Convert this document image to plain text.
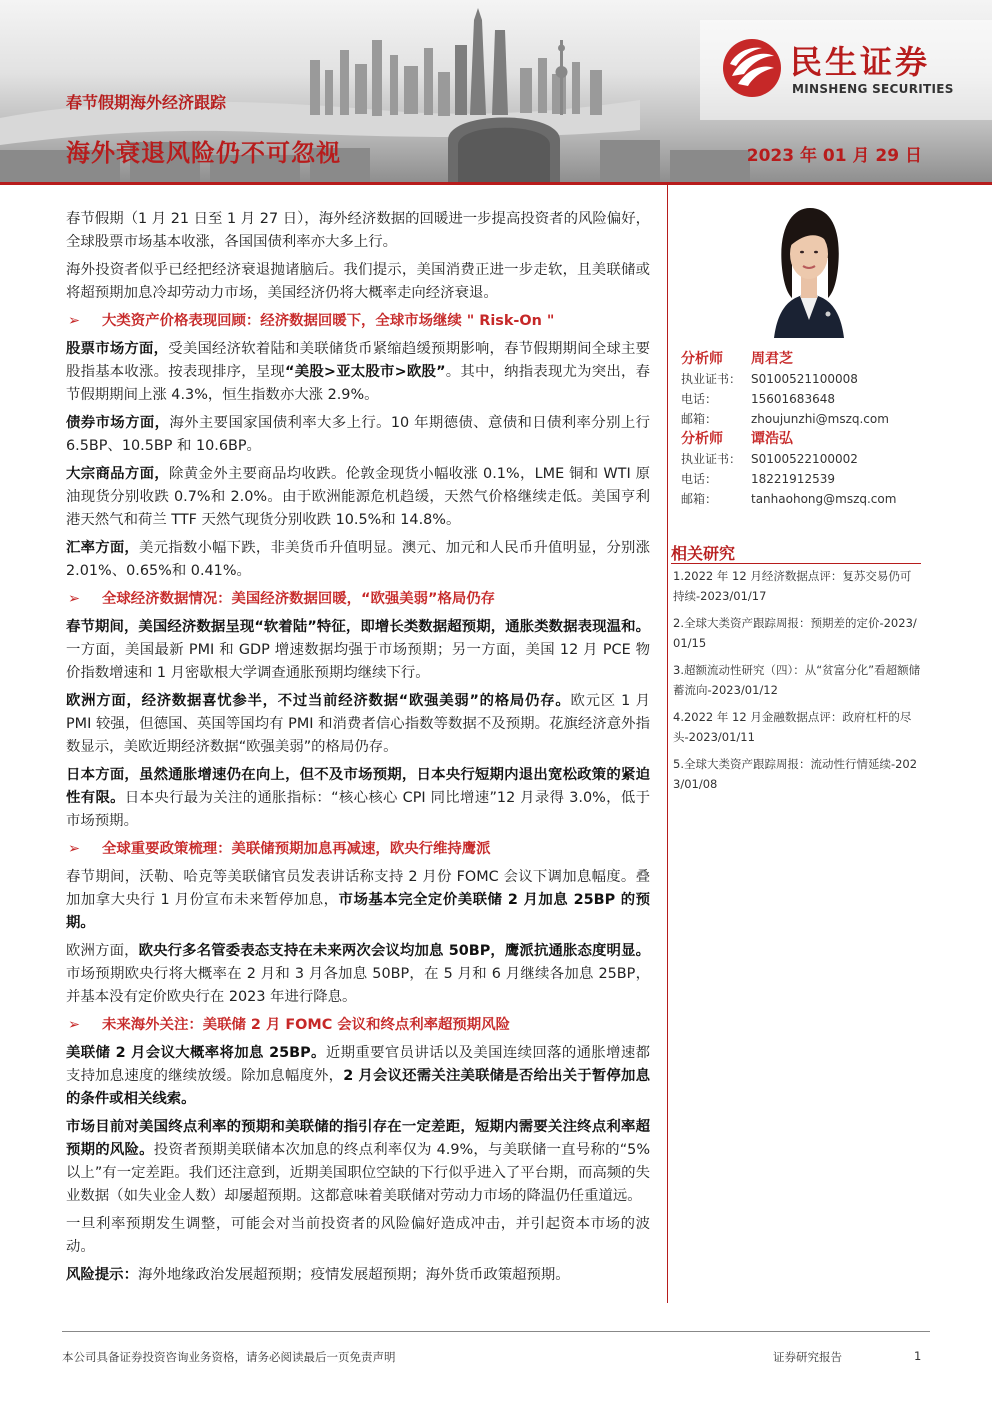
春节假期海外经济跟踪
海外衰退风险仍不可忽视	2023 年 01 月 29 日
民生证券
MINSHENG SECURITIES

春节假期（1 月 21 日至 1 月 27 日），海外经济数据的回暖进一步提高投资者的风险偏好，全球股票市场基本收涨，各国国债利率亦大多上行。

海外投资者似乎已经把经济衰退抛诸脑后。我们提示，美国消费正进一步走软，且美联储或将超预期加息冷却劳动力市场，美国经济仍将大概率走向经济衰退。

➢ 大类资产价格表现回顾：经济数据回暖下，全球市场继续 " Risk-On "

股票市场方面，受美国经济软着陆和美联储货币紧缩趋缓预期影响，春节假期期间全球主要股指基本收涨。按表现排序，呈现“美股>亚太股市>欧股”。其中，纳指表现尤为突出，春节假期期间上涨 4.3%，恒生指数亦大涨 2.9%。

债券市场方面，海外主要国家国债利率大多上行。10 年期德债、意债和日债利率分别上行 6.5BP、10.5BP 和 10.6BP。

大宗商品方面，除黄金外主要商品均收跌。伦敦金现货小幅收涨 0.1%，LME 铜和 WTI 原油现货分别收跌 0.7%和 2.0%。由于欧洲能源危机趋缓，天然气价格继续走低。美国亨利港天然气和荷兰 TTF 天然气现货分别收跌 10.5%和 14.8%。

汇率方面，美元指数小幅下跌，非美货币升值明显。澳元、加元和人民币升值明显，分别涨 2.01%、0.65%和 0.41%。

➢ 全球经济数据情况：美国经济数据回暖，“欧强美弱”格局仍存

春节期间，美国经济数据呈现“软着陆”特征，即增长类数据超预期，通胀类数据表现温和。一方面，美国最新 PMI 和 GDP 增速数据均强于市场预期；另一方面，美国 12 月 PCE 物价指数增速和 1 月密歇根大学调查通胀预期均继续下行。

欧洲方面，经济数据喜忧参半，不过当前经济数据“欧强美弱”的格局仍存。欧元区 1 月 PMI 较强，但德国、英国等国均有 PMI 和消费者信心指数等数据不及预期。花旗经济意外指数显示，美欧近期经济数据“欧强美弱”的格局仍存。

日本方面，虽然通胀增速仍在向上，但不及市场预期，日本央行短期内退出宽松政策的紧迫性有限。日本央行最为关注的通胀指标：“核心核心 CPI 同比增速”12 月录得 3.0%，低于市场预期。

➢ 全球重要政策梳理：美联储预期加息再减速，欧央行维持鹰派

春节期间，沃勒、哈克等美联储官员发表讲话称支持 2 月份 FOMC 会议下调加息幅度。叠加加拿大央行 1 月份宣布未来暂停加息，市场基本完全定价美联储 2 月加息 25BP 的预期。

欧洲方面，欧央行多名管委表态支持在未来两次会议均加息 50BP，鹰派抗通胀态度明显。市场预期欧央行将大概率在 2 月和 3 月各加息 50BP，在 5 月和 6 月继续各加息 25BP，并基本没有定价欧央行在 2023 年进行降息。

➢ 未来海外关注：美联储 2 月 FOMC 会议和终点利率超预期风险

美联储 2 月会议大概率将加息 25BP。近期重要官员讲话以及美国连续回落的通胀增速都支持加息速度的继续放缓。除加息幅度外，2 月会议还需关注美联储是否给出关于暂停加息的条件或相关线索。

市场目前对美国终点利率的预期和美联储的指引存在一定差距，短期内需要关注终点利率超预期的风险。投资者预期美联储本次加息的终点利率仅为 4.9%，与美联储一直号称的“5%以上”有一定差距。我们还注意到，近期美国职位空缺的下行似乎进入了平台期，而高频的失业数据（如失业金人数）却屡超预期。这都意味着美联储对劳动力市场的降温仍任重道远。

一旦利率预期发生调整，可能会对当前投资者的风险偏好造成冲击，并引起资本市场的波动。

风险提示：海外地缘政治发展超预期；疫情发展超预期；海外货币政策超预期。

分析师 周君芝
执业证书： S0100521100008
电话：	15601683648
邮箱：	zhoujunzhi@mszq.com
分析师 谭浩弘
执业证书： S0100522100002
电话：	18221912539
邮箱：	tanhaohong@mszq.com
相关研究
1.2022 年 12 月经济数据点评：复苏交易仍可持续-2023/01/17
2.全球大类资产跟踪周报：预期差的定价-2023/01/15
3.超额流动性研究（四）：从“贫富分化”看超额储蓄流向-2023/01/12
4.2022 年 12 月金融数据点评：政府杠杆的尽头-2023/01/11
5.全球大类资产跟踪周报：流动性行情延续-2023/01/08
本公司具备证券投资咨询业务资格，请务必阅读最后一页免责声明	证券研究报告	1
